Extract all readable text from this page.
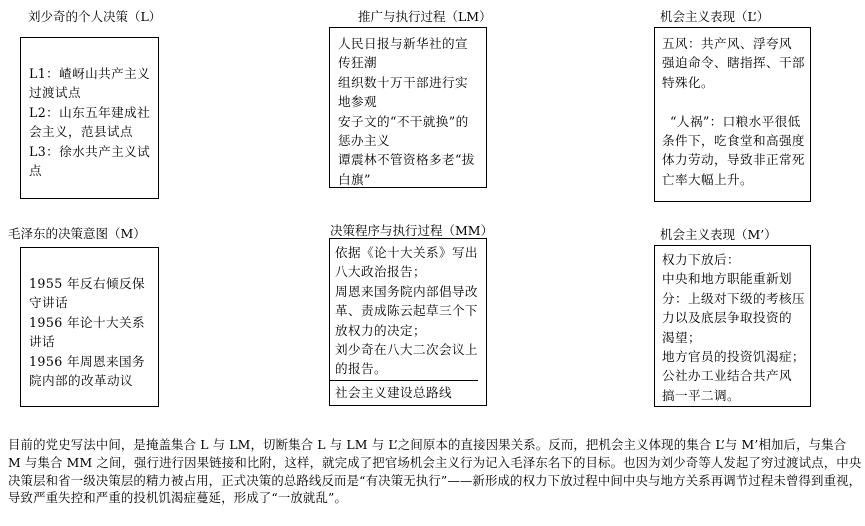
刘少奇的个人决策（L）	推广与执行过程（LM）	机会主义表现（L’）
L1：嵖岈山共产主义
过渡试点
L2：山东五年建成社
会主义，范县试点
L3：徐水共产主义试
点
人民日报与新华社的宣
传狂潮
组织数十万干部进行实
地参观
安子文的“不干就换”的
惩办主义
谭震林不管资格多老“拔
白旗”
五风：共产风、浮夸风
强迫命令、瞎指挥、干部
特殊化。
“人祸”：口粮水平很低
条件下，吃食堂和高强度
体力劳动，导致非正常死
亡率大幅上升。
毛泽东的决策意图（M）	决策程序与执行过程（MM）	机会主义表现（M’）
1955 年反右倾反保
守讲话
1956 年论十大关系
讲话
1956 年周恩来国务
院内部的改革动议
依据《论十大关系》写出
八大政治报告；
周恩来国务院内部倡导改
革、责成陈云起草三个下
放权力的决定；
刘少奇在八大二次会议上
的报告。
社会主义建设总路线
权力下放后：
中央和地方职能重新划
分：上级对下级的考核压
力以及底层争取投资的
渴望；
地方官员的投资饥渴症；
公社办工业结合共产风
搞一平二调。
目前的党史写法中间，是掩盖集合 L 与 LM，切断集合 L 与 LM 与 L’之间原本的直接因果关系。反而，把机会主义体现的集合 L’与 M’相加后，与集合 M 与集合 MM 之间，强行进行因果链接和比附，这样，就完成了把官场机会主义行为记入毛泽东名下的目标。也因为刘少奇等人发起了穷过渡试点，中央决策层和省一级决策层的精力被占用，正式决策的总路线反而是“有决策无执行”——新形成的权力下放过程中间中央与地方关系再调节过程未曾得到重视，导致严重失控和严重的投机饥渴症蔓延，形成了“一放就乱”。
